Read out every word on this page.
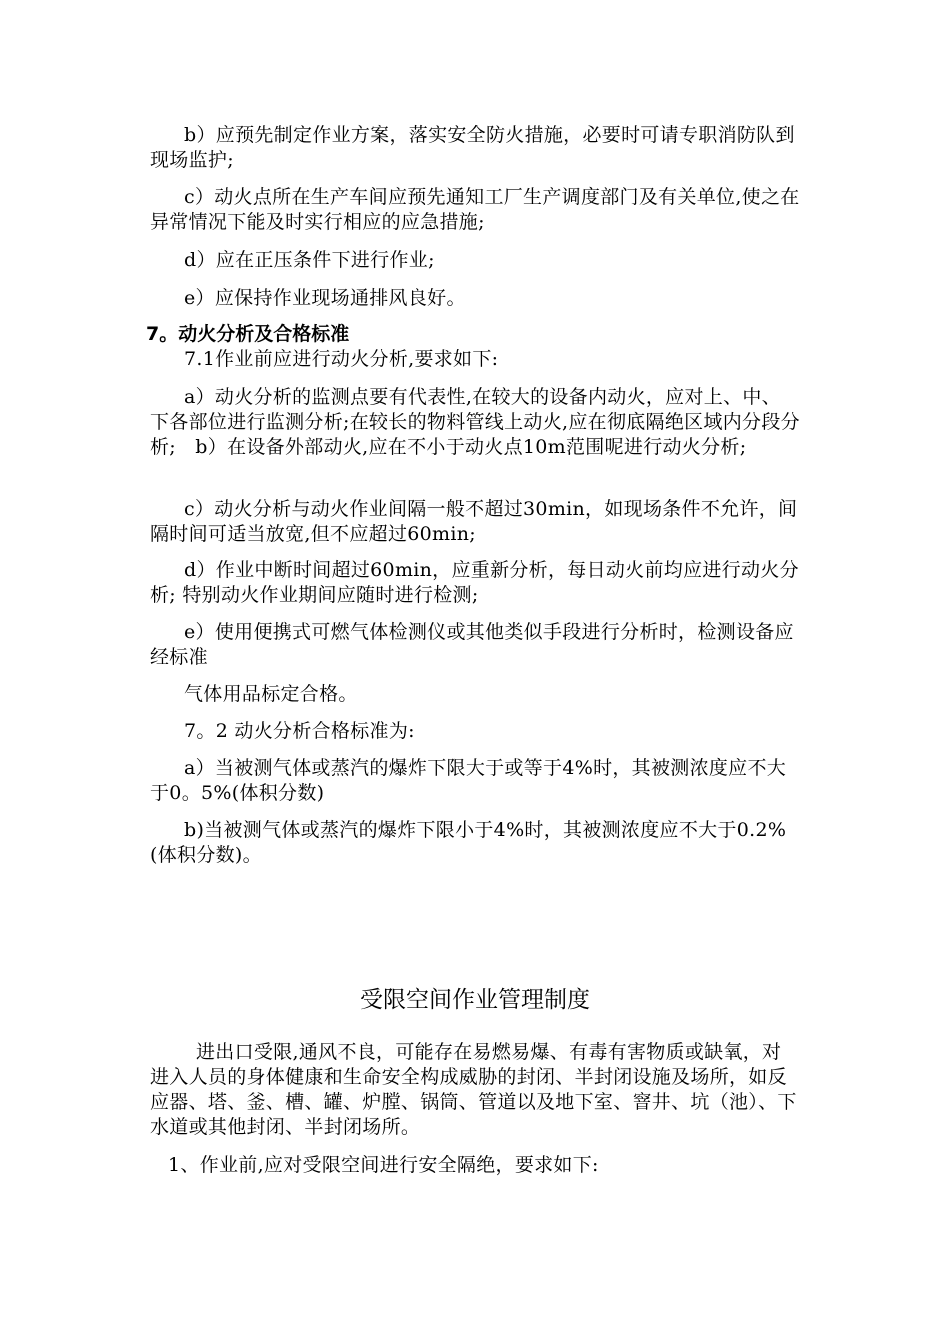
b）应预先制定作业方案，落实安全防火措施，必要时可请专职消防队到现场监护;
c）动火点所在生产车间应预先通知工厂生产调度部门及有关单位,使之在异常情况下能及时实行相应的应急措施;
d）应在正压条件下进行作业;
e）应保持作业现场通排风良好。
7。动火分析及合格标准
7.1作业前应进行动火分析,要求如下:
a）动火分析的监测点要有代表性,在较大的设备内动火，应对上、中、下各部位进行监测分析;在较长的物料管线上动火,应在彻底隔绝区域内分段分析;　b）在设备外部动火,应在不小于动火点10m范围呢进行动火分析;
c）动火分析与动火作业间隔一般不超过30min，如现场条件不允许，间隔时间可适当放宽,但不应超过60min;
d）作业中断时间超过60min，应重新分析，每日动火前均应进行动火分析; 特别动火作业期间应随时进行检测;
e）使用便携式可燃气体检测仪或其他类似手段进行分析时，检测设备应经标准
气体用品标定合格。
7。2 动火分析合格标准为:
a）当被测气体或蒸汽的爆炸下限大于或等于4%时，其被测浓度应不大于0。5%(体积分数)
b)当被测气体或蒸汽的爆炸下限小于4%时，其被测浓度应不大于0.2%(体积分数)。
受限空间作业管理制度
进出口受限,通风不良，可能存在易燃易爆、有毒有害物质或缺氧，对进入人员的身体健康和生命安全构成威胁的封闭、半封闭设施及场所，如反应器、塔、釜、槽、罐、炉膛、锅筒、管道以及地下室、窨井、坑（池）、下水道或其他封闭、半封闭场所。
1、作业前,应对受限空间进行安全隔绝，要求如下:
